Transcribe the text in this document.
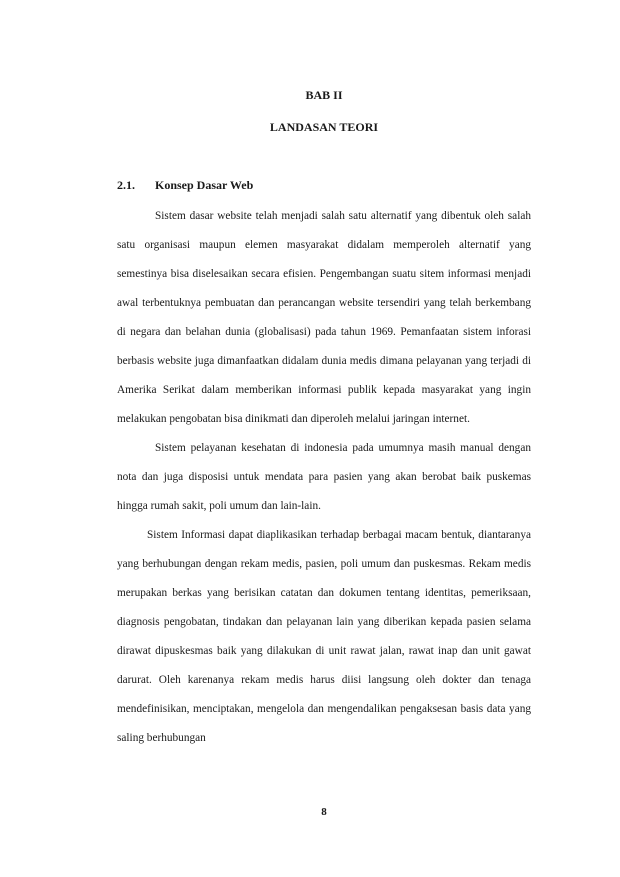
BAB II
LANDASAN TEORI
2.1.	Konsep Dasar Web

Sistem dasar website telah menjadi salah satu alternatif yang dibentuk oleh salah satu organisasi maupun elemen masyarakat didalam memperoleh alternatif yang semestinya bisa diselesaikan secara efisien. Pengembangan suatu sitem informasi menjadi awal terbentuknya pembuatan dan perancangan website tersendiri yang telah berkembang di negara dan belahan dunia (globalisasi) pada tahun 1969. Pemanfaatan sistem inforasi berbasis website juga dimanfaatkan didalam dunia medis dimana pelayanan yang terjadi di Amerika Serikat dalam memberikan informasi publik kepada masyarakat yang ingin melakukan pengobatan bisa dinikmati dan diperoleh melalui jaringan internet.

Sistem pelayanan kesehatan di indonesia pada umumnya masih manual dengan nota dan juga disposisi untuk mendata para pasien yang akan berobat baik puskemas hingga rumah sakit, poli umum dan lain-lain.

Sistem Informasi dapat diaplikasikan terhadap berbagai macam bentuk, diantaranya yang berhubungan dengan rekam medis, pasien, poli umum dan puskesmas. Rekam medis merupakan berkas yang berisikan catatan dan dokumen tentang identitas, pemeriksaan, diagnosis pengobatan, tindakan dan pelayanan lain yang diberikan kepada pasien selama dirawat dipuskesmas baik yang dilakukan di unit rawat jalan, rawat inap dan unit gawat darurat. Oleh karenanya rekam medis harus diisi langsung oleh dokter dan tenaga mendefinisikan, menciptakan, mengelola dan mengendalikan pengaksesan basis data yang saling berhubungan

8
